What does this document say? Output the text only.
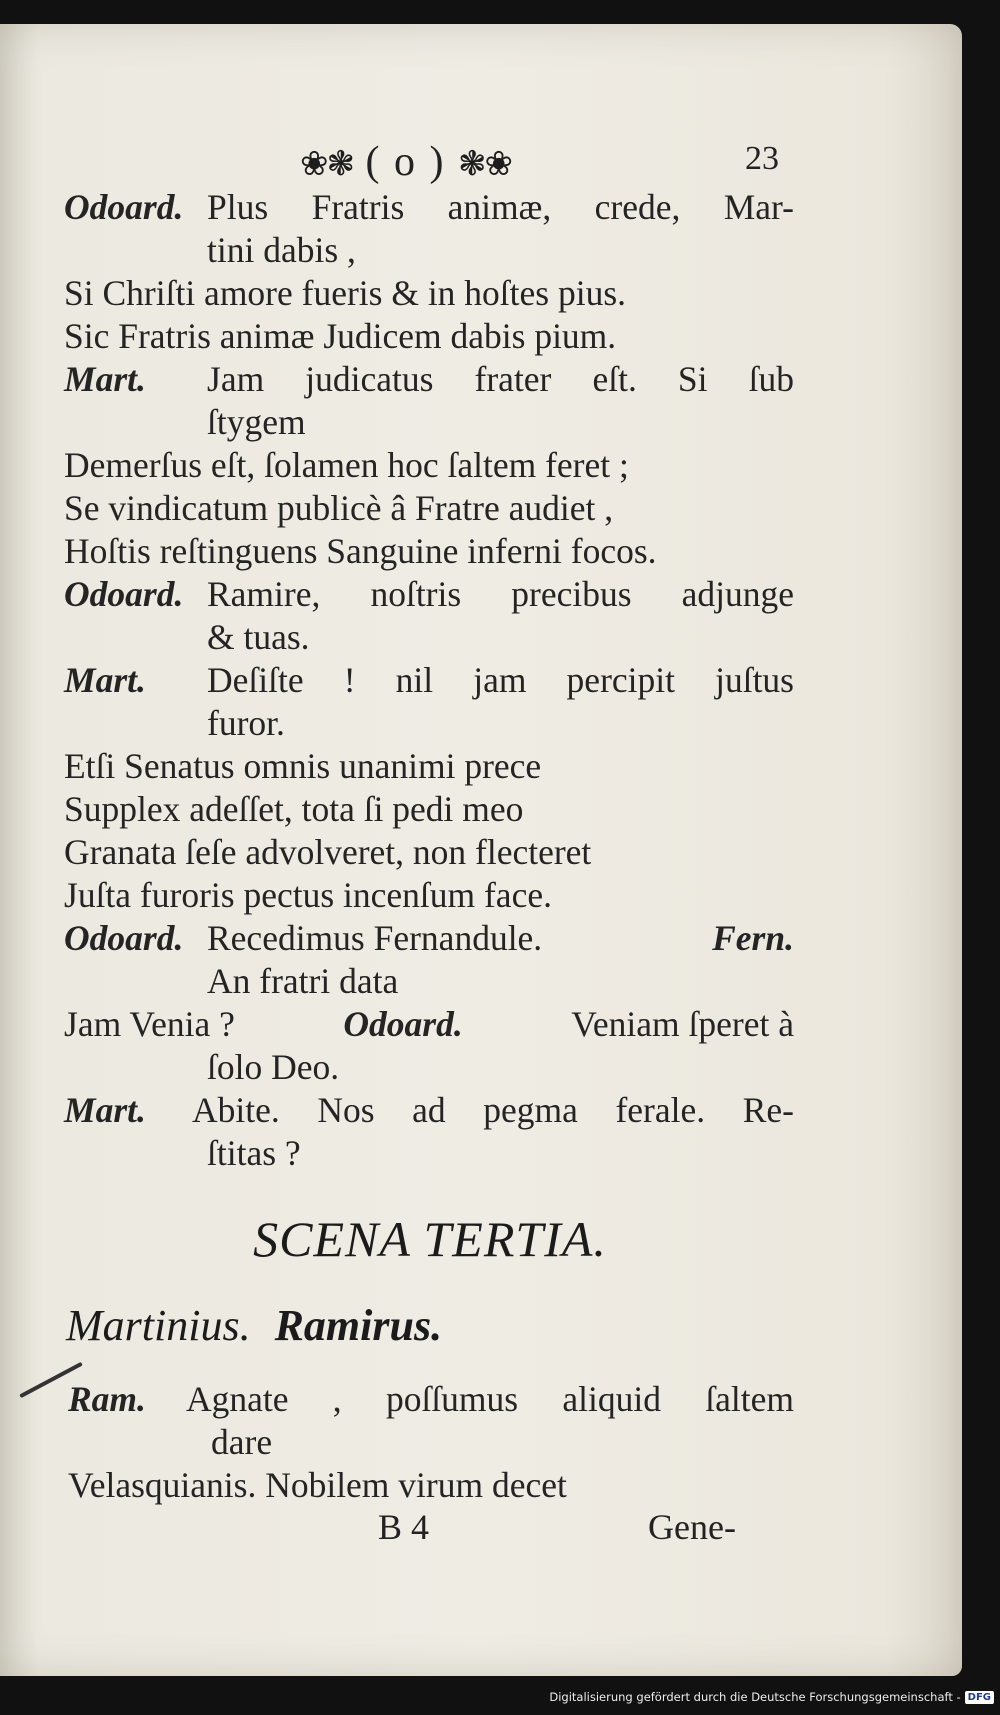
❀❃ ( o ) ❃❀	23
Odoard. Plus Fratris animæ, crede, Mar-
tini dabis ,
Si Chriſti amore fueris & in hoſtes pius.
Sic Fratris animæ Judicem dabis pium.
Mart.	Jam judicatus frater eſt. Si ſub
ſtygem
Demerſus eſt, ſolamen hoc ſaltem feret ;
Se vindicatum publicè â Fratre audiet ,
Hoſtis reſtinguens Sanguine inferni focos.
Odoard. Ramire, noſtris precibus adjunge
& tuas.
Mart.	Deſiſte ! nil jam percipit juſtus
furor.
Etſi Senatus omnis unanimi prece
Supplex adeſſet, tota ſi pedi meo
Granata ſeſe advolveret, non flecteret
Juſta furoris pectus incenſum face.
Odoard. Recedimus Fernandule.	Fern.
An fratri data
Jam Venia ?	Odoard.	Veniam ſperet à
ſolo Deo.
Mart.	Abite. Nos ad pegma ferale. Re-
ſtitas ?
SCENA TERTIA.
Martinius. Ramirus.
Ram.	Agnate , poſſumus aliquid ſaltem
dare
Velasquianis. Nobilem virum decet
B 4	Gene-
Digitalisierung gefördert durch die Deutsche Forschungsgemeinschaft - DFG
